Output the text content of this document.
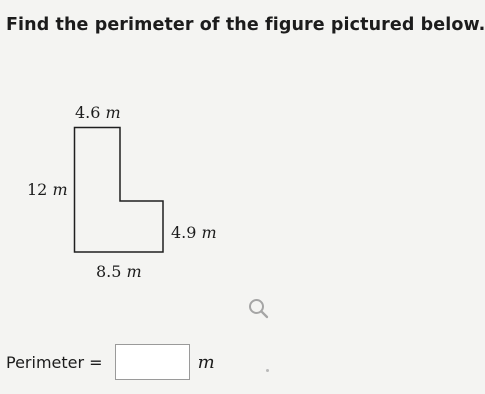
Find the perimeter of the figure pictured below.
4.6 m
12 m
4.9 m
8.5 m
Perimeter =	m
